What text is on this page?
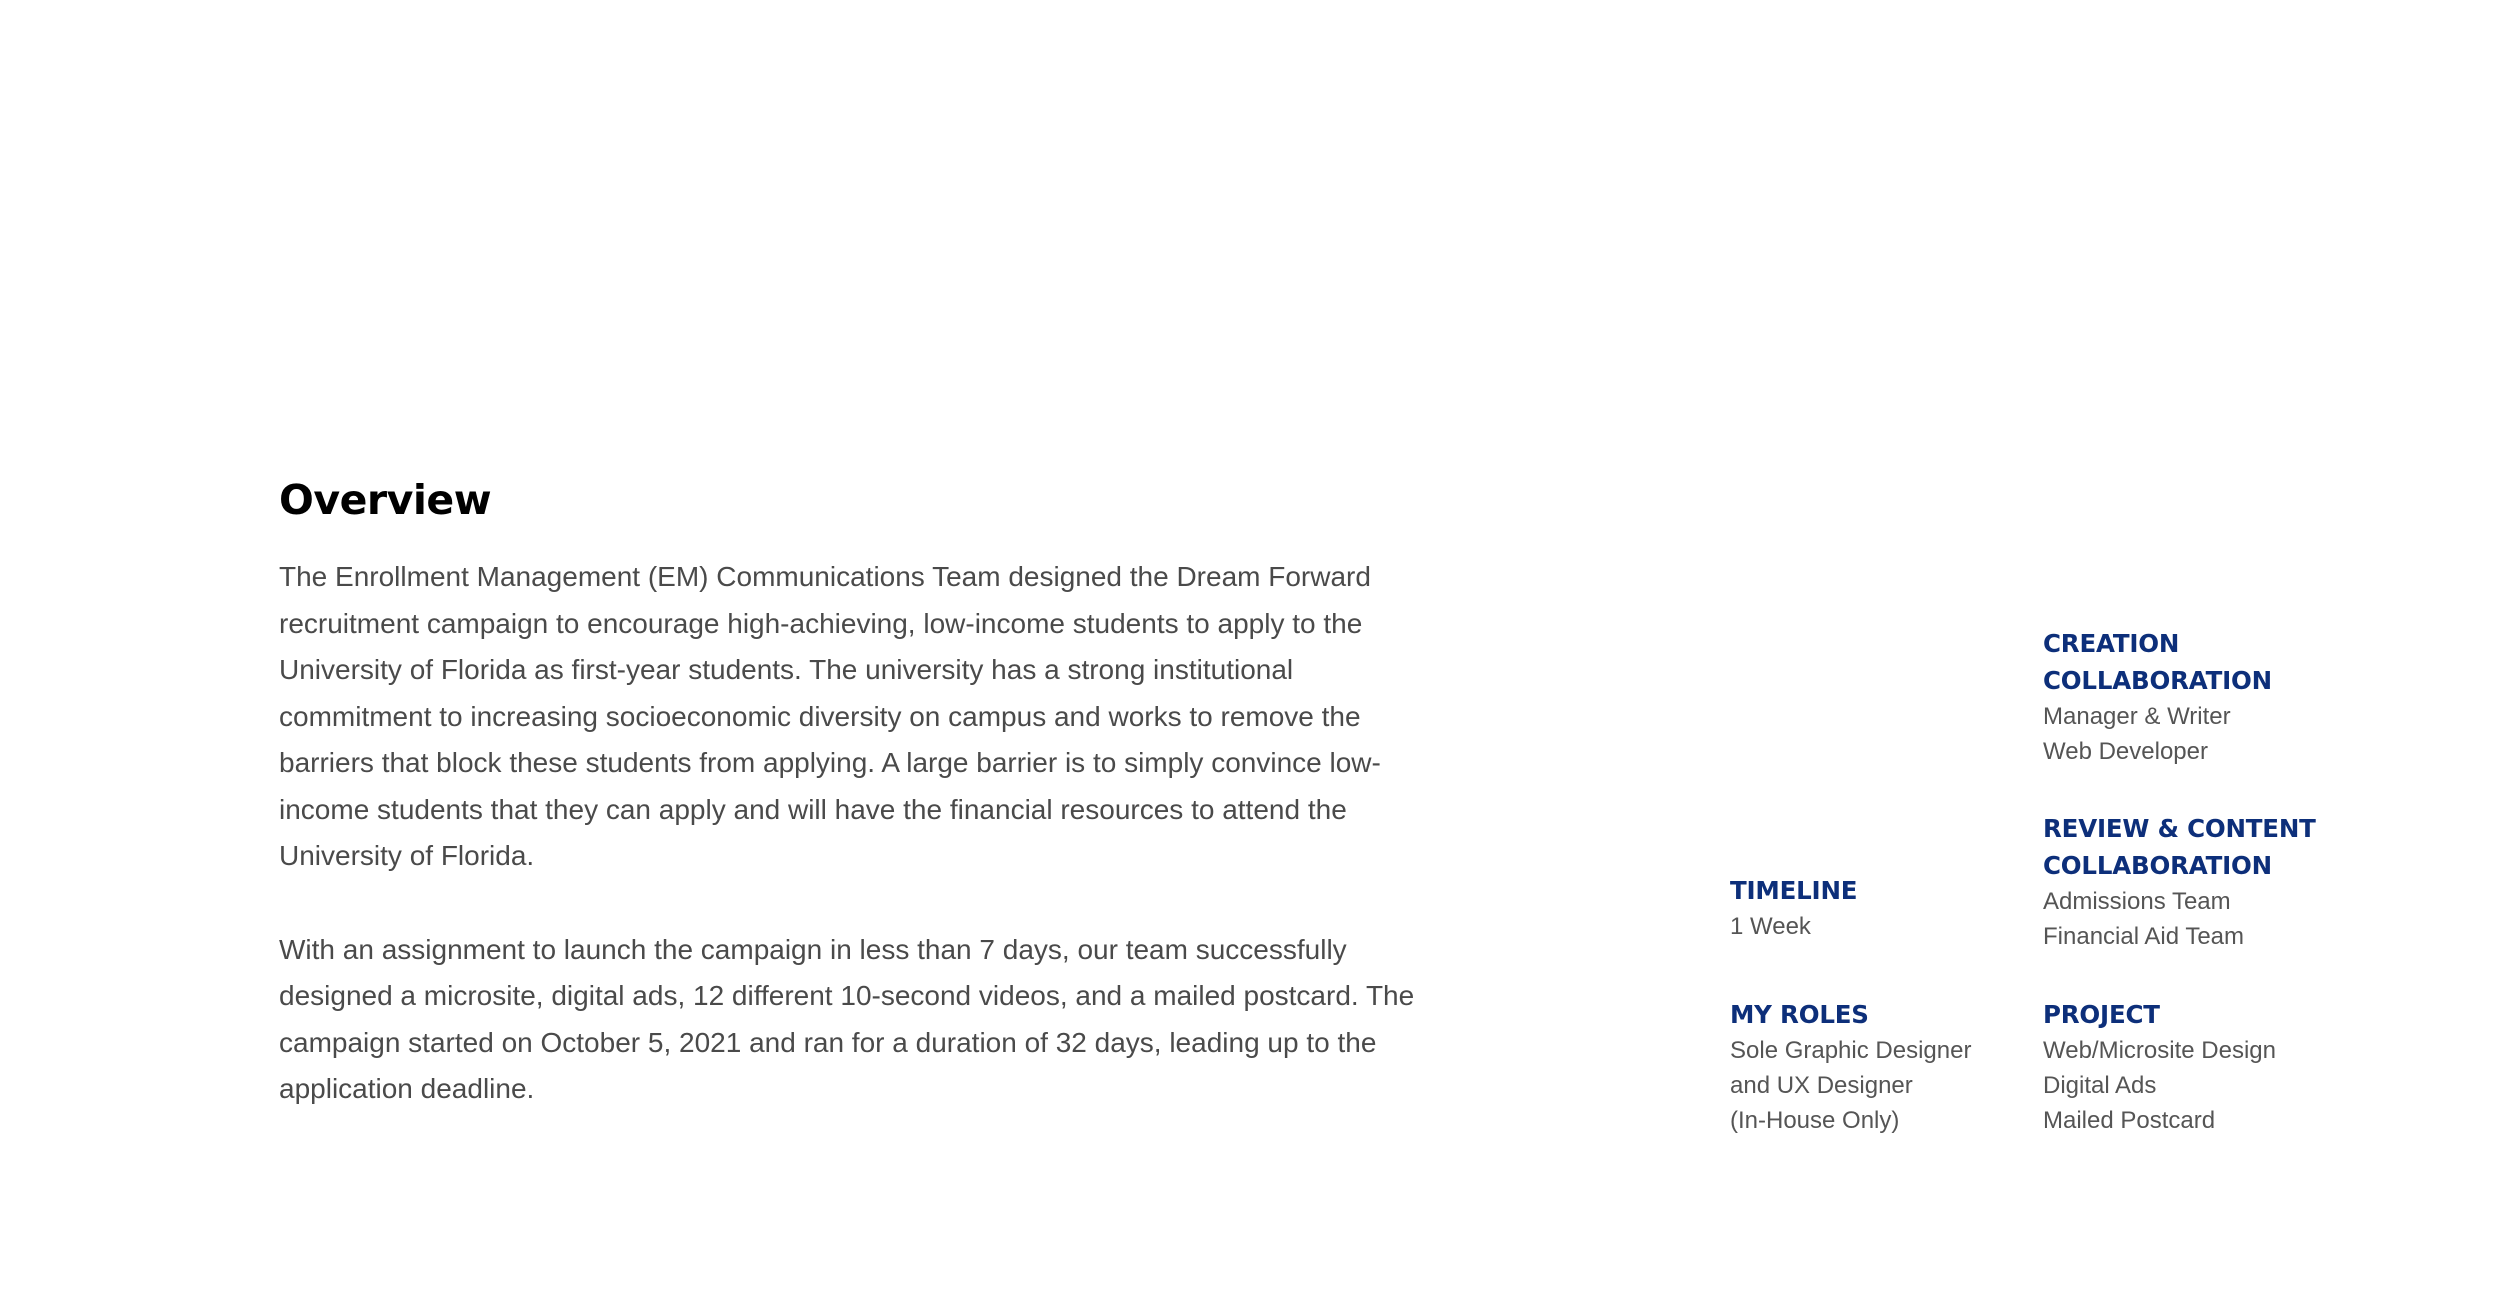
Overview

The Enrollment Management (EM) Communications Team designed the Dream Forward recruitment campaign to encourage high-achieving, low-income students to apply to the University of Florida as first-year students. The university has a strong institutional commitment to increasing socioeconomic diversity on campus and works to remove the barriers that block these students from applying. A large barrier is to simply convince low-income students that they can apply and will have the financial resources to attend the University of Florida.

With an assignment to launch the campaign in less than 7 days, our team successfully designed a microsite, digital ads, 12 different 10-second videos, and a mailed postcard. The campaign started on October 5, 2021 and ran for a duration of 32 days, leading up to the application deadline.

TIMELINE

1 Week

MY ROLES

Sole Graphic Designer

and UX Designer

(In-House Only)

CREATION

COLLABORATION

Manager & Writer

Web Developer

REVIEW & CONTENT

COLLABORATION

Admissions Team

Financial Aid Team

PROJECT

Web/Microsite Design

Digital Ads

Mailed Postcard
